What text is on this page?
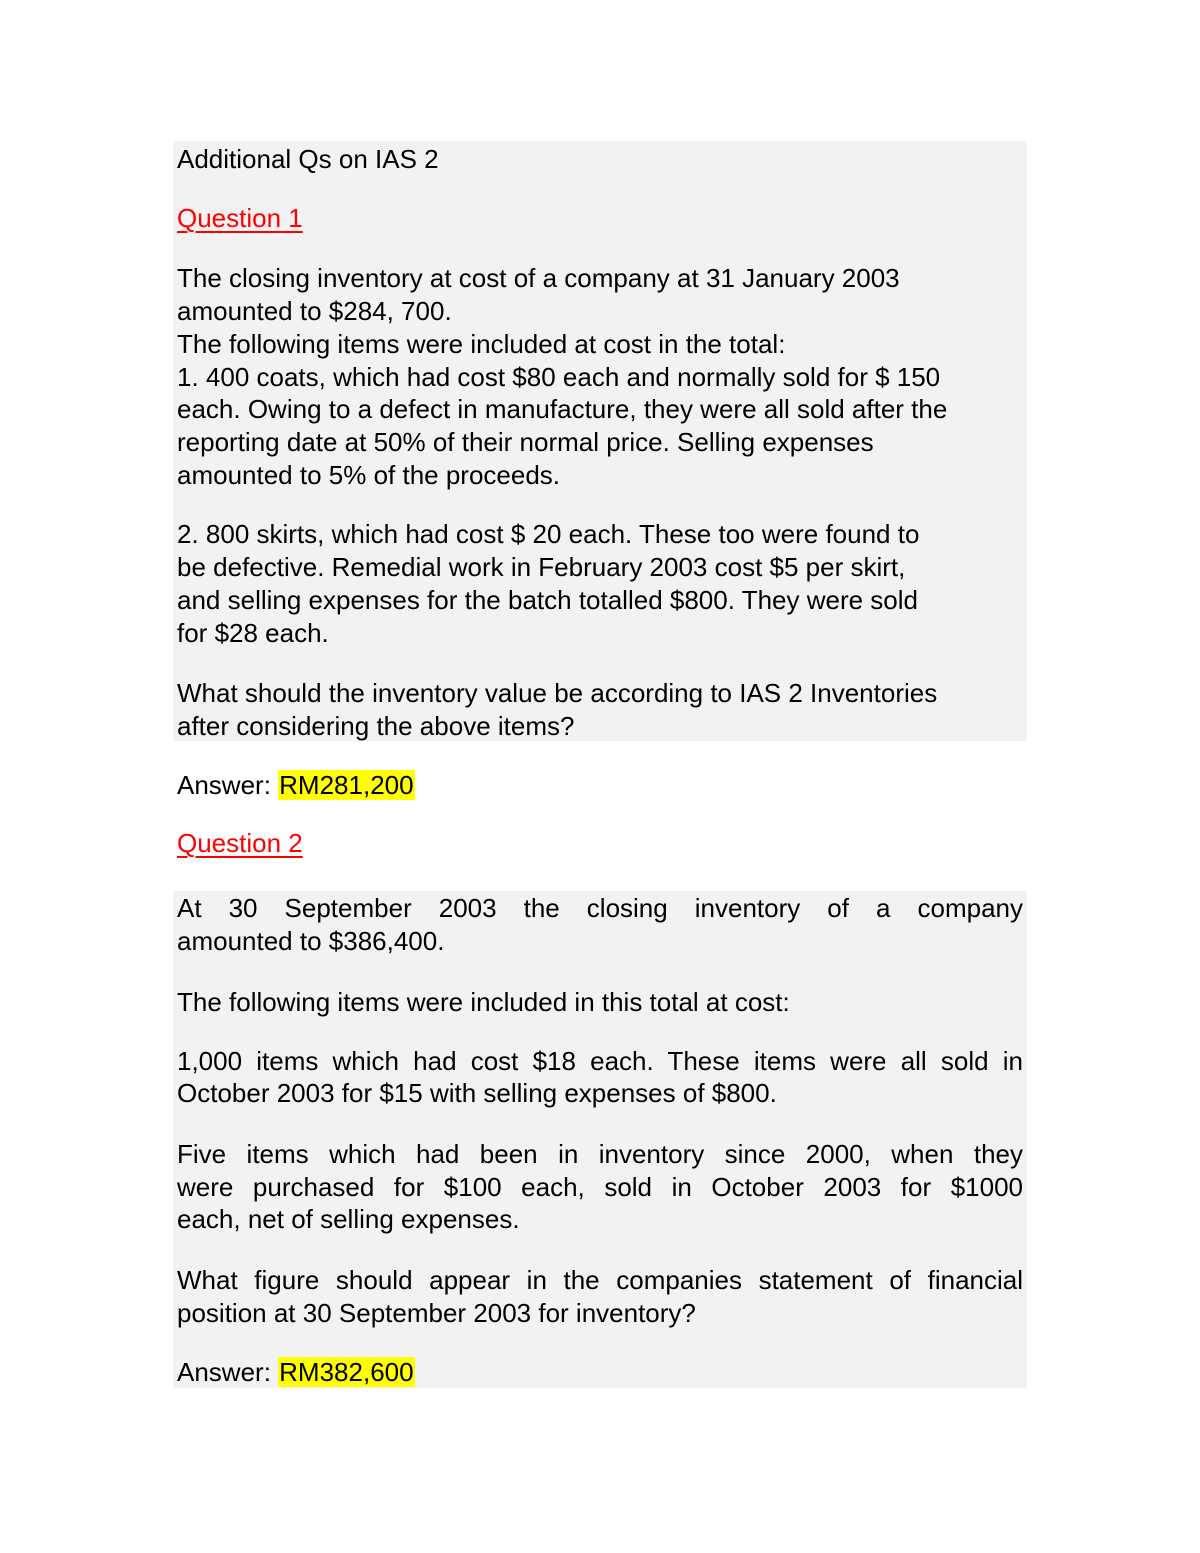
Additional Qs on IAS 2
Question 1
The closing inventory at cost of a company at 31 January 2003
amounted to $284, 700.
The following items were included at cost in the total:
1. 400 coats, which had cost $80 each and normally sold for $ 150
each. Owing to a defect in manufacture, they were all sold after the
reporting date at 50% of their normal price. Selling expenses
amounted to 5% of the proceeds.
2. 800 skirts, which had cost $ 20 each. These too were found to
be defective. Remedial work in February 2003 cost $5 per skirt,
and selling expenses for the batch totalled $800. They were sold
for $28 each.
What should the inventory value be according to IAS 2 Inventories
after considering the above items?
Answer: RM281,200
Question 2
At 30 September 2003 the closing inventory of a company
amounted to $386,400.
The following items were included in this total at cost:
1,000 items which had cost $18 each. These items were all sold in
October 2003 for $15 with selling expenses of $800.
Five items which had been in inventory since 2000, when they
were purchased for $100 each, sold in October 2003 for $1000
each, net of selling expenses.
What figure should appear in the companies statement of financial
position at 30 September 2003 for inventory?
Answer: RM382,600
